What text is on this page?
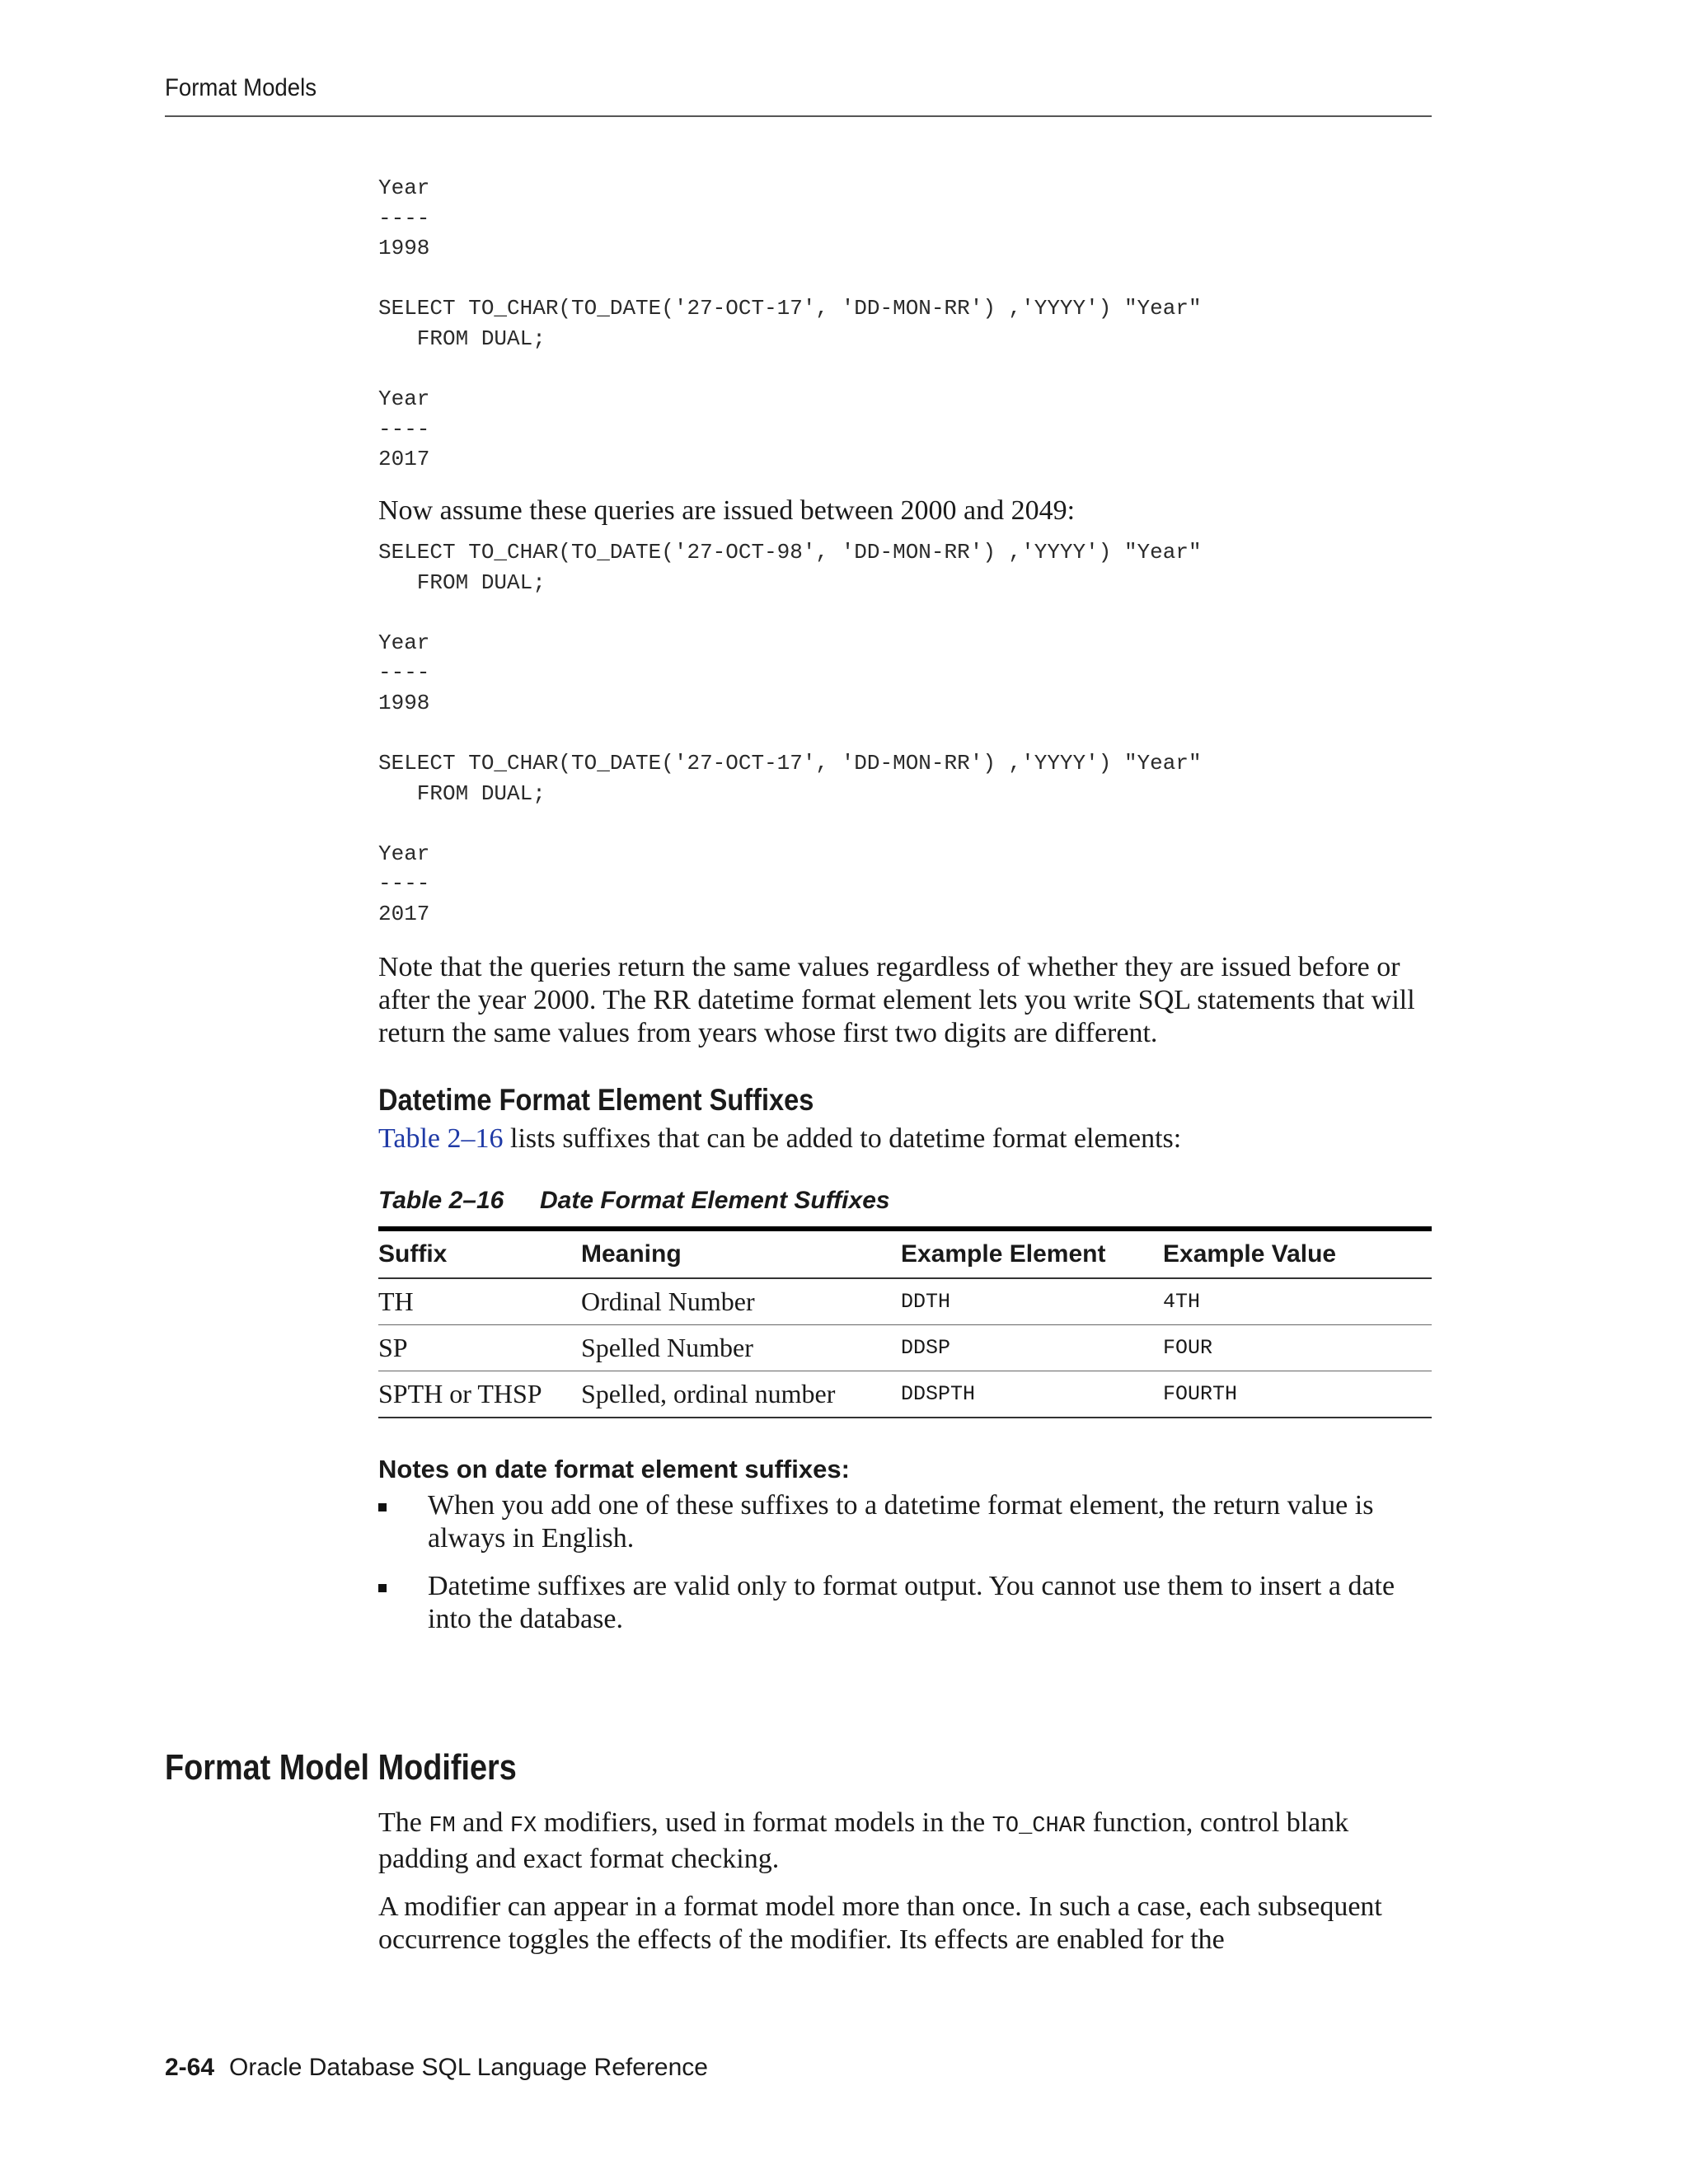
Format Models
Year
----
1998

SELECT TO_CHAR(TO_DATE('27-OCT-17', 'DD-MON-RR') ,'YYYY') "Year"
FROM DUAL;

Year
----
2017

Now assume these queries are issued between 2000 and 2049:

SELECT TO_CHAR(TO_DATE('27-OCT-98', 'DD-MON-RR') ,'YYYY') "Year"
FROM DUAL;

Year
----
1998

SELECT TO_CHAR(TO_DATE('27-OCT-17', 'DD-MON-RR') ,'YYYY') "Year"
FROM DUAL;

Year
----
2017

Note that the queries return the same values regardless of whether they are issued before or after the year 2000. The RR datetime format element lets you write SQL statements that will return the same values from years whose first two digits are different.

Datetime Format Element Suffixes

Table 2–16 lists suffixes that can be added to datetime format elements:

Table 2–16 Date Format Element Suffixes
Suffix	Meaning	Example Element	Example Value
TH	Ordinal Number	DDTH	4TH
SP	Spelled Number	DDSP	FOUR
SPTH or THSP	Spelled, ordinal number	DDSPTH	FOURTH
Notes on date format element suffixes:
When you add one of these suffixes to a datetime format element, the return value is always in English.
Datetime suffixes are valid only to format output. You cannot use them to insert a date into the database.
Format Model Modifiers

The FM and FX modifiers, used in format models in the TO_CHAR function, control blank padding and exact format checking.

A modifier can appear in a format model more than once. In such a case, each subsequent occurrence toggles the effects of the modifier. Its effects are enabled for the

2-64 Oracle Database SQL Language Reference
